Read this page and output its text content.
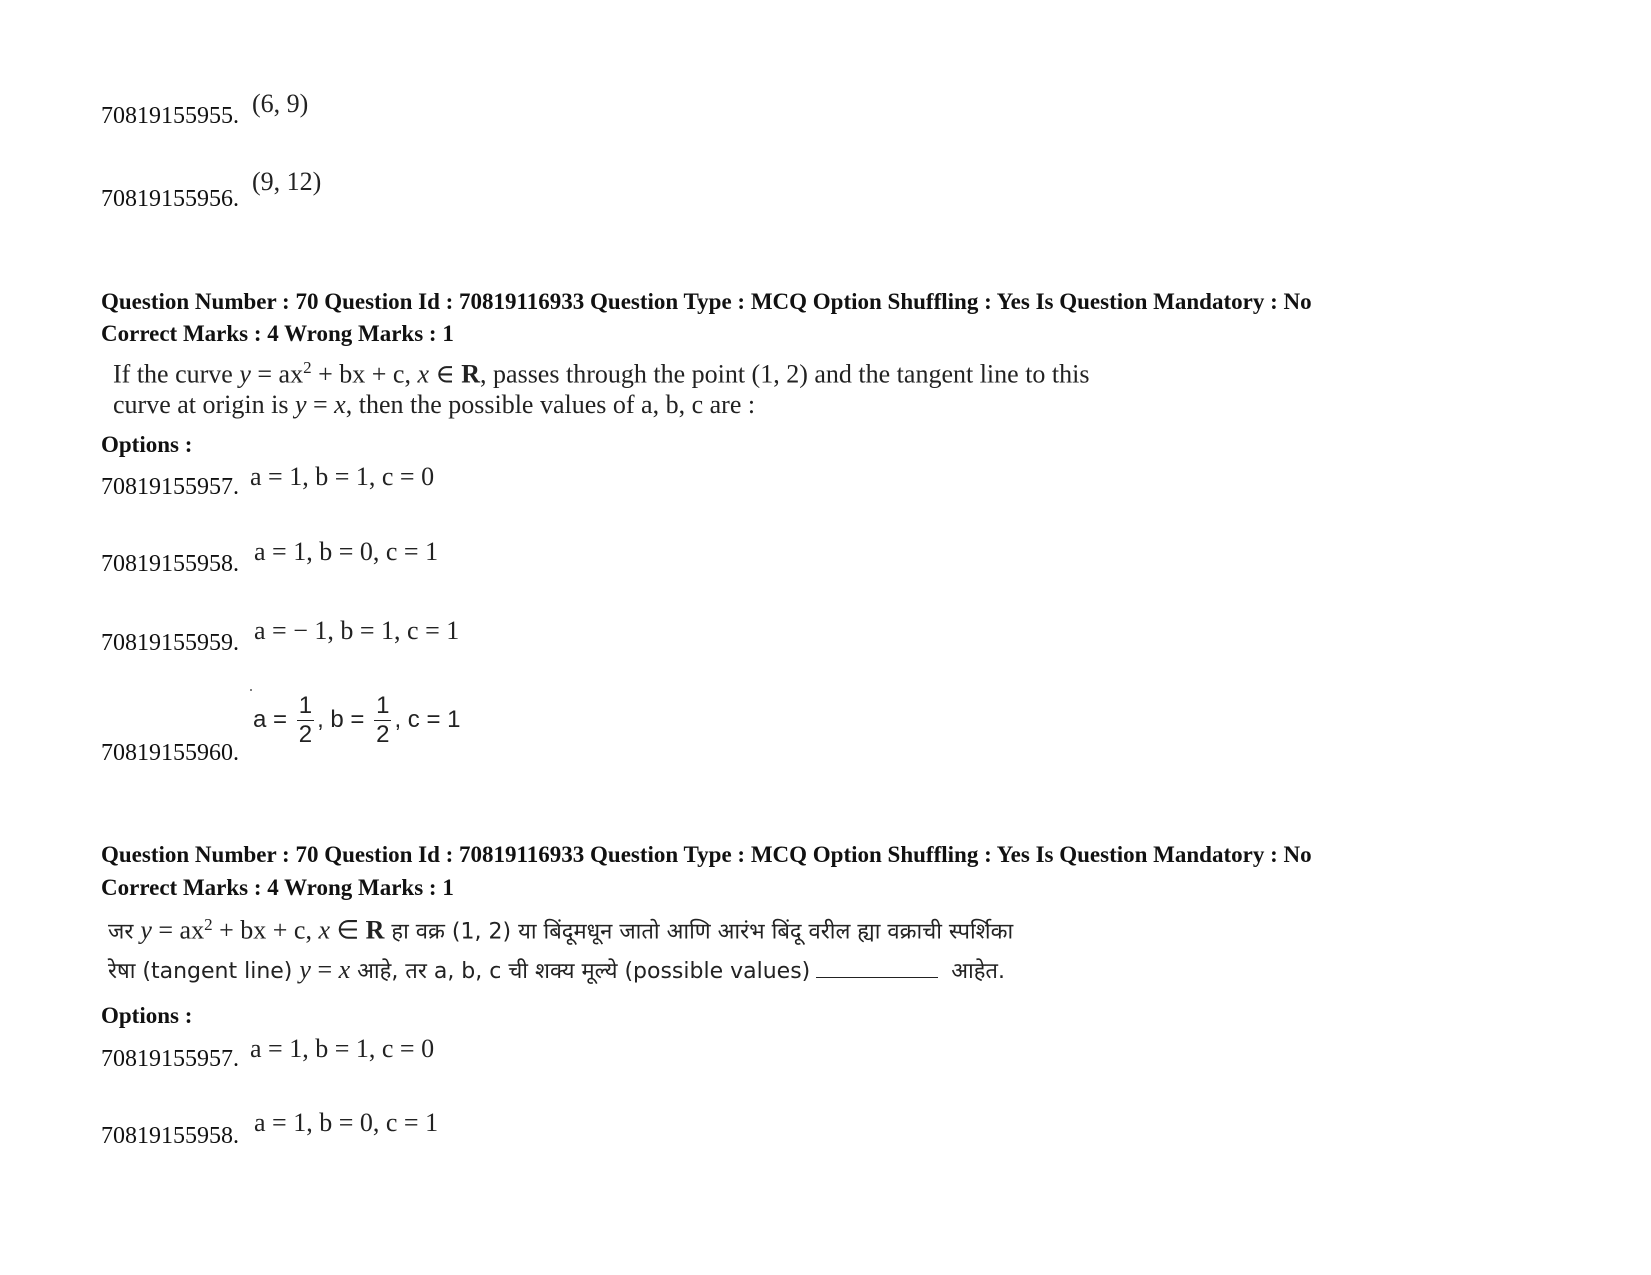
70819155955. (6, 9)
70819155956.
(9, 12)
Question Number : 70 Question Id : 70819116933 Question Type : MCQ Option Shuffling : Yes Is Question Mandatory : No
Correct Marks : 4 Wrong Marks : 1
If the curve $y = ax^2$ + bx + c, x ∈ R, passes through the point (1, 2) and the tangent line to this
curve at origin is y = x, then the possible values of a, b, c are :
Options :
70819155957. a = 1, b = 1, c = 0
70819155958. a = 1, b = 0, c = 1
70819155959. a = − 1, b = 1, c = 1
70819155960.
$a = \frac{1}{2}$ , $b = \frac{1}{2}$ , c = 1
Question Number : 70 Question Id : 70819116933 Question Type : MCQ Option Shuffling : Yes Is Question Mandatory : No
Correct Marks : 4 Wrong Marks : 1
जर $y = ax^2$ + bx + c, x ∈ R हा वक्र (1, 2) या बिंदूमधून जातो आणि आरंभ बिंदू वरील ह्या वक्राची स्पर्शिका
रेषा (tangent line) y = x आहे, तर a, b, c ची शक्य मूल्ये (possible values)	आहेत.
Options :
70819155957. a = 1, b = 1, c = 0
70819155958. a = 1, b = 0, c = 1
